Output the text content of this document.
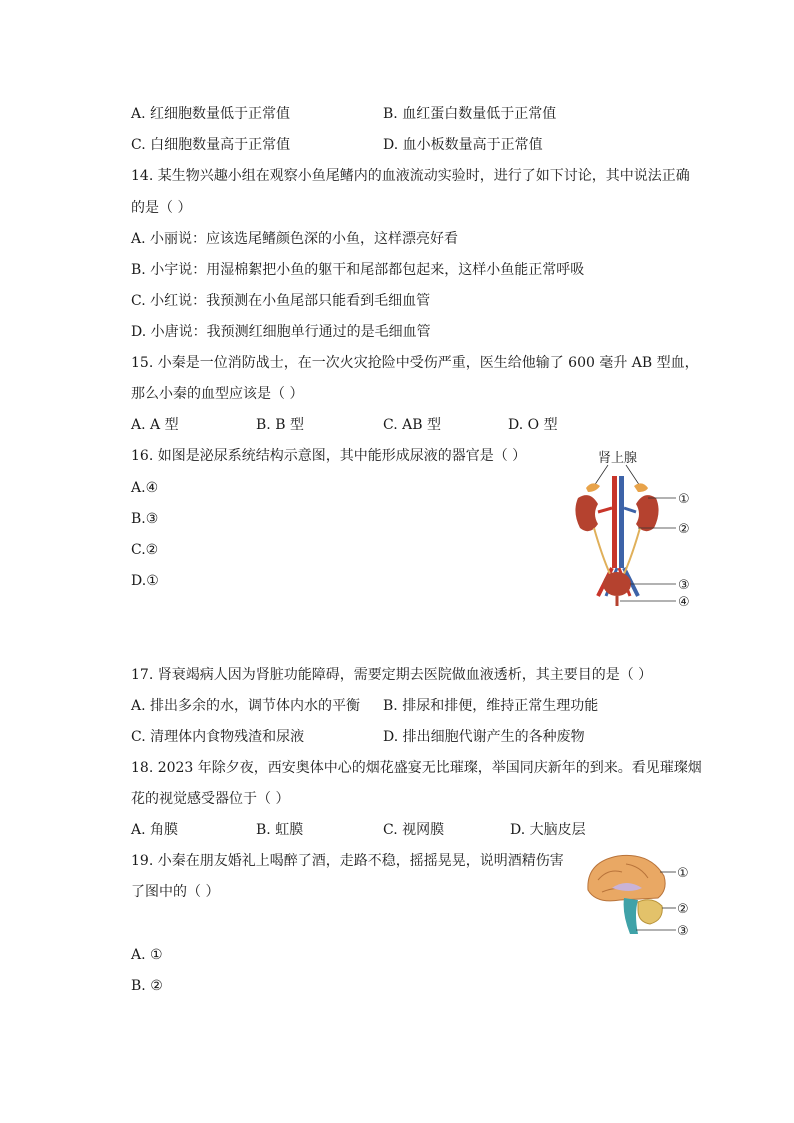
A. 红细胞数量低于正常值	B. 血红蛋白数量低于正常值
C. 白细胞数量高于正常值	D. 血小板数量高于正常值
14. 某生物兴趣小组在观察小鱼尾鳍内的血液流动实验时，进行了如下讨论，其中说法正确
的是（ ）
A. 小丽说：应该选尾鳍颜色深的小鱼，这样漂亮好看
B. 小宇说：用湿棉絮把小鱼的躯干和尾部都包起来，这样小鱼能正常呼吸
C. 小红说：我预测在小鱼尾部只能看到毛细血管
D. 小唐说：我预测红细胞单行通过的是毛细血管
15. 小秦是一位消防战士，在一次火灾抢险中受伤严重，医生给他输了 600 毫升 AB 型血，
那么小秦的血型应该是（ ）
A. A 型	B. B 型	C. AB 型	D. O 型
16. 如图是泌尿系统结构示意图，其中能形成尿液的器官是（ ）
A.④
B.③
C.②
D.①
肾上腺
①
②
③
④
17. 肾衰竭病人因为肾脏功能障碍，需要定期去医院做血液透析，其主要目的是（ ）
A. 排出多余的水，调节体内水的平衡 B. 排尿和排便，维持正常生理功能
C. 清理体内食物残渣和尿液	D. 排出细胞代谢产生的各种废物
18. 2023 年除夕夜，西安奥体中心的烟花盛宴无比璀璨，举国同庆新年的到来。看见璀璨烟
花的视觉感受器位于（ ）
A. 角膜	B. 虹膜	C. 视网膜	D. 大脑皮层
19. 小秦在朋友婚礼上喝醉了酒，走路不稳，摇摇晃晃，说明酒精伤害
了图中的（ ）
A. ①
B. ②
①
②
③
